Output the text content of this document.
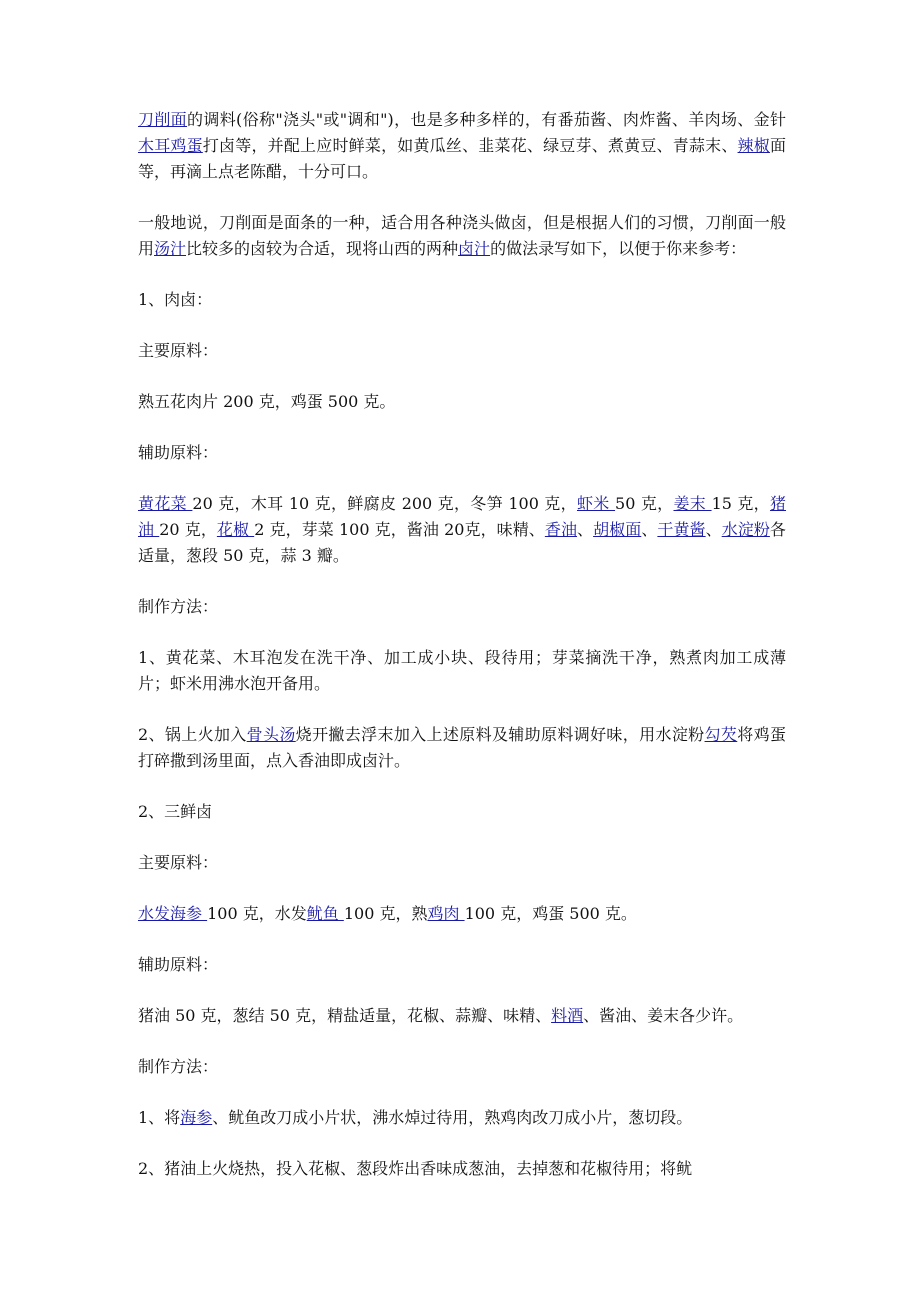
刀削面的调料(俗称"浇头"或"调和")，也是多种多样的，有番茄酱、肉炸酱、羊肉场、金针木耳鸡蛋打卤等，并配上应时鲜菜，如黄瓜丝、韭菜花、绿豆芽、煮黄豆、青蒜末、辣椒面等，再滴上点老陈醋，十分可口。

一般地说，刀削面是面条的一种，适合用各种浇头做卤，但是根据人们的习惯，刀削面一般用汤汁比较多的卤较为合适，现将山西的两种卤汁的做法录写如下，以便于你来参考：

1、肉卤：

主要原料：

熟五花肉片 200 克，鸡蛋 500 克。

辅助原料：

黄花菜 20 克，木耳 10 克，鲜腐皮 200 克，冬笋 100 克，虾米 50 克，姜末 15 克，猪油 20 克，花椒 2 克，芽菜 100 克，酱油 20克，味精、香油、胡椒面、干黄酱、水淀粉各适量，葱段 50 克，蒜 3 瓣。

制作方法：

1、黄花菜、木耳泡发在洗干净、加工成小块、段待用；芽菜摘洗干净，熟煮肉加工成薄片；虾米用沸水泡开备用。

2、锅上火加入骨头汤烧开撇去浮末加入上述原料及辅助原料调好味，用水淀粉勾芡将鸡蛋打碎撒到汤里面，点入香油即成卤汁。

2、三鲜卤

主要原料：

水发海参 100 克，水发鱿鱼 100 克，熟鸡肉 100 克，鸡蛋 500 克。

辅助原料：

猪油 50 克，葱结 50 克，精盐适量，花椒、蒜瓣、味精、料酒、酱油、姜末各少许。

制作方法：

1、将海参、鱿鱼改刀成小片状，沸水焯过待用，熟鸡肉改刀成小片，葱切段。

2、猪油上火烧热，投入花椒、葱段炸出香味成葱油，去掉葱和花椒待用；将鱿
